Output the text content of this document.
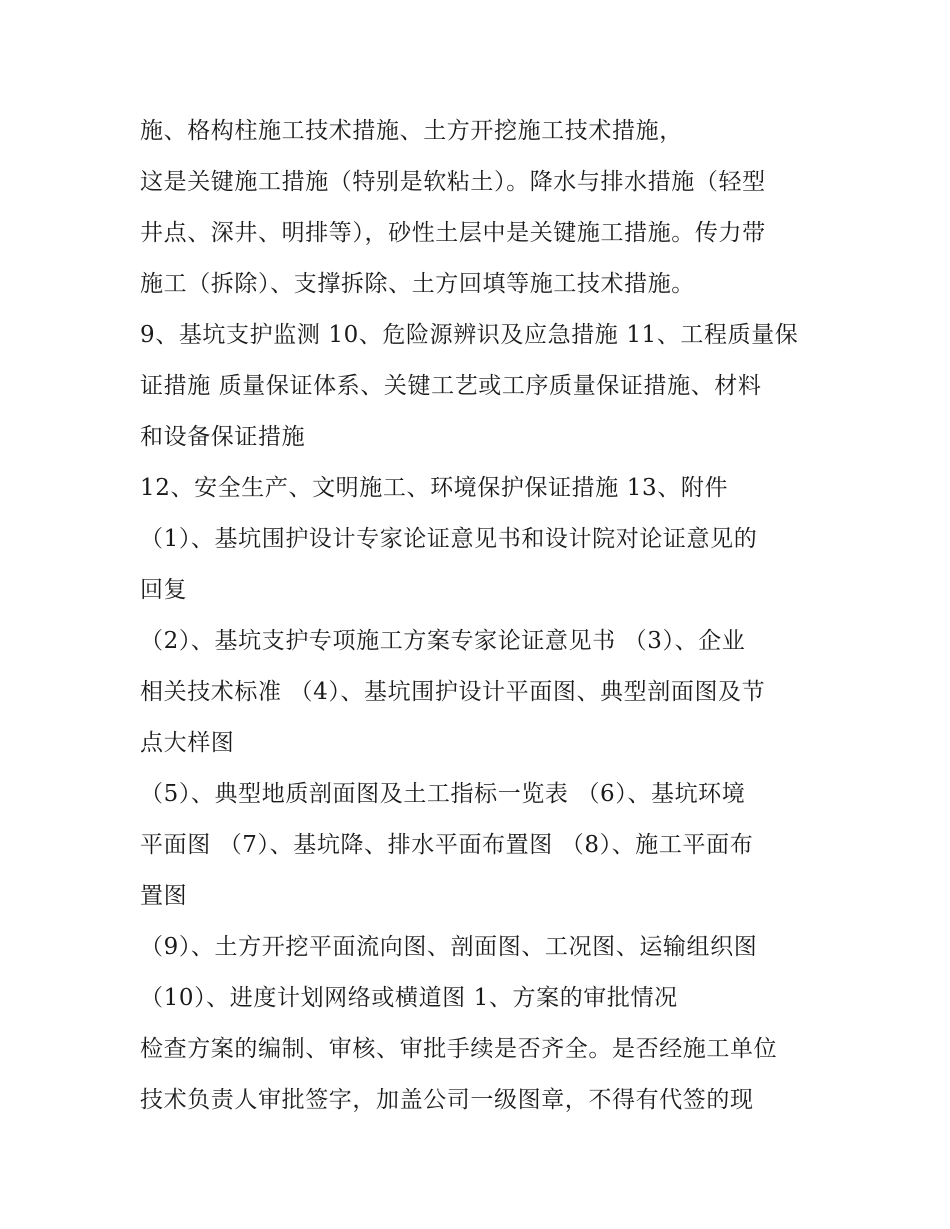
施、格构柱施工技术措施、土方开挖施工技术措施，
这是关键施工措施（特别是软粘土）。降水与排水措施（轻型
井点、深井、明排等），砂性土层中是关键施工措施。传力带
施工（拆除）、支撑拆除、土方回填等施工技术措施。
9、基坑支护监测 10、危险源辨识及应急措施 11、工程质量保
证措施 质量保证体系、关键工艺或工序质量保证措施、材料
和设备保证措施
12、安全生产、文明施工、环境保护保证措施 13、附件
（1）、基坑围护设计专家论证意见书和设计院对论证意见的
回复
（2）、基坑支护专项施工方案专家论证意见书 （3）、企业
相关技术标准 （4）、基坑围护设计平面图、典型剖面图及节
点大样图
（5）、典型地质剖面图及土工指标一览表 （6）、基坑环境
平面图 （7）、基坑降、排水平面布置图 （8）、施工平面布
置图
（9）、土方开挖平面流向图、剖面图、工况图、运输组织图
（10）、进度计划网络或横道图 1、方案的审批情况
检查方案的编制、审核、审批手续是否齐全。是否经施工单位
技术负责人审批签字，加盖公司一级图章，不得有代签的现
